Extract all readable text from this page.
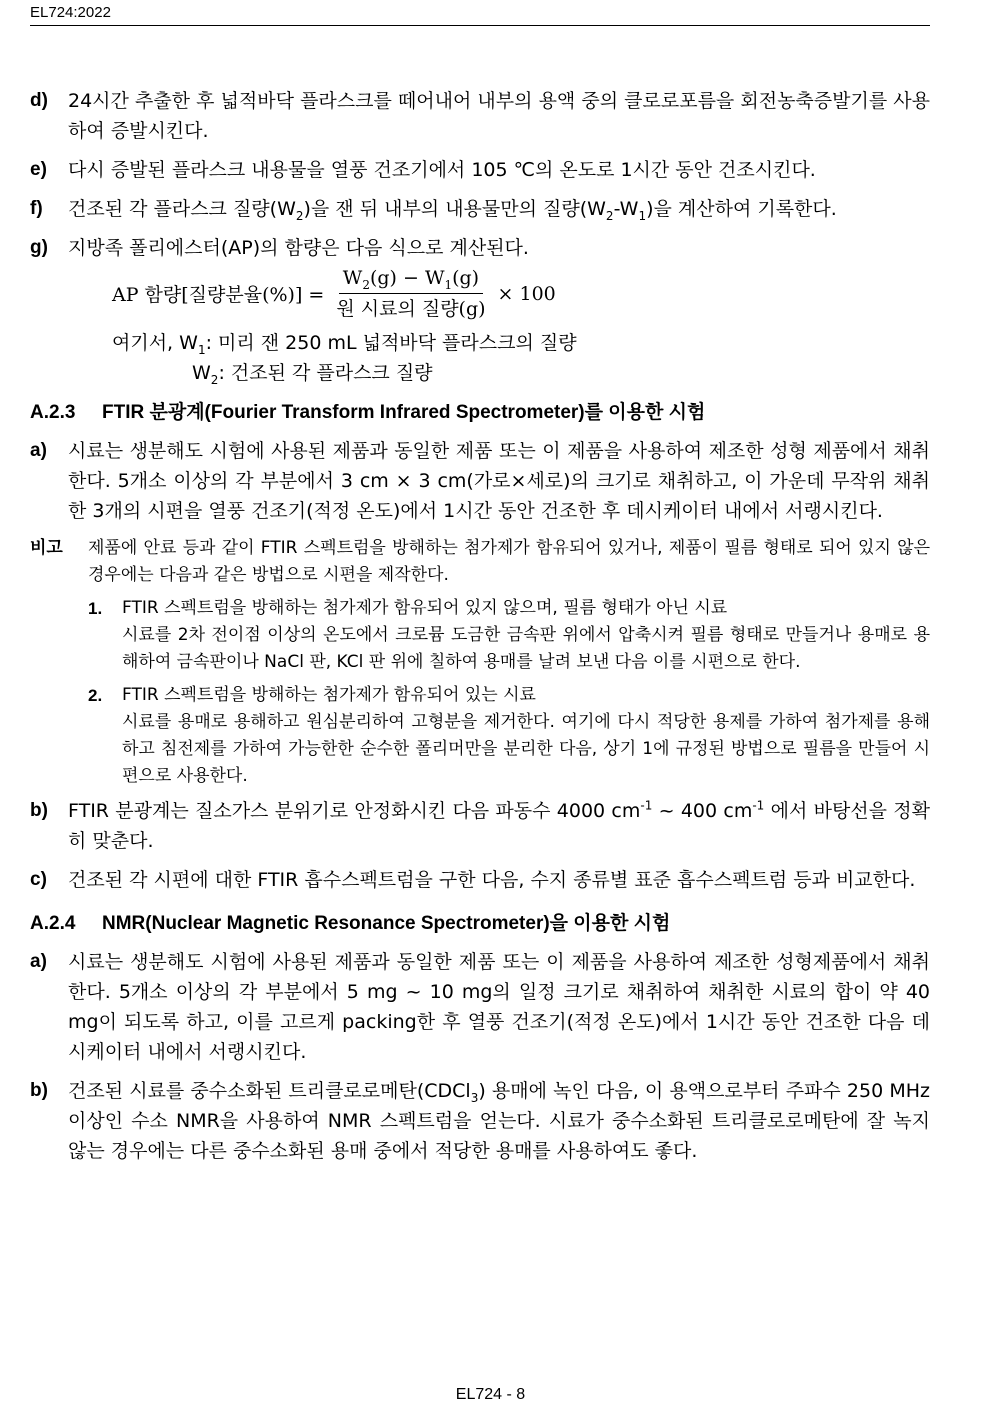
EL724:2022
d)	24시간 추출한 후 넓적바닥 플라스크를 떼어내어 내부의 용액 중의 클로로포름을 회전농축증발기를 사용하여 증발시킨다.
e)	다시 증발된 플라스크 내용물을 열풍 건조기에서 105 ℃의 온도로 1시간 동안 건조시킨다.
f)	건조된 각 플라스크 질량$(W_2)$을 잰 뒤 내부의 내용물만의 질량$(W_2-W_1)$을 계산하여 기록한다.
g)	지방족 폴리에스터(AP)의 함량은 다음 식으로 계산된다.
AP 함량[질량분율(%)] = $\frac{W_2(g) - W_1(g)}{\text{원 시료의 질량(g)}} \times 100$
여기서, $W_1$: 미리 잰 250 mL 넓적바닥 플라스크의 질량
$W_2$: 건조된 각 플라스크 질량
A.2.3 FTIR 분광계(Fourier Transform Infrared Spectrometer)를 이용한 시험
a)	시료는 생분해도 시험에 사용된 제품과 동일한 제품 또는 이 제품을 사용하여 제조한 성형 제품에서 채취한다. 5개소 이상의 각 부분에서 3 cm × 3 cm(가로×세로)의 크기로 채취하고, 이 가운데 무작위 채취한 3개의 시편을 열풍 건조기(적정 온도)에서 1시간 동안 건조한 후 데시케이터 내에서 서랭시킨다.
비고	제품에 안료 등과 같이 FTIR 스펙트럼을 방해하는 첨가제가 함유되어 있거나, 제품이 필름 형태로 되어 있지 않은 경우에는 다음과 같은 방법으로 시편을 제작한다.
1.	FTIR 스펙트럼을 방해하는 첨가제가 함유되어 있지 않으며, 필름 형태가 아닌 시료
시료를 2차 전이점 이상의 온도에서 크로뮴 도금한 금속판 위에서 압축시켜 필름 형태로 만들거나 용매로 용해하여 금속판이나 NaCl 판, KCl 판 위에 칠하여 용매를 날려 보낸 다음 이를 시편으로 한다.
2.	FTIR 스펙트럼을 방해하는 첨가제가 함유되어 있는 시료
시료를 용매로 용해하고 원심분리하여 고형분을 제거한다. 여기에 다시 적당한 용제를 가하여 첨가제를 용해하고 침전제를 가하여 가능한한 순수한 폴리머만을 분리한 다음, 상기 1에 규정된 방법으로 필름을 만들어 시편으로 사용한다.
b)	FTIR 분광계는 질소가스 분위기로 안정화시킨 다음 파동수 4000 $cm^{-1}$ ~ 400 $cm^{-1}$ 에서 바탕선을 정확히 맞춘다.
c)	건조된 각 시편에 대한 FTIR 흡수스펙트럼을 구한 다음, 수지 종류별 표준 흡수스펙트럼 등과 비교한다.
A.2.4 NMR(Nuclear Magnetic Resonance Spectrometer)을 이용한 시험
a)	시료는 생분해도 시험에 사용된 제품과 동일한 제품 또는 이 제품을 사용하여 제조한 성형제품에서 채취한다. 5개소 이상의 각 부분에서 5 mg ~ 10 mg의 일정 크기로 채취하여 채취한 시료의 합이 약 40 mg이 되도록 하고, 이를 고르게 packing한 후 열풍 건조기(적정 온도)에서 1시간 동안 건조한 다음 데시케이터 내에서 서랭시킨다.
b)	건조된 시료를 중수소화된 트리클로로메탄(CDCl$_3$) 용매에 녹인 다음, 이 용액으로부터 주파수 250 MHz 이상인 수소 NMR을 사용하여 NMR 스펙트럼을 얻는다. 시료가 중수소화된 트리클로로메탄에 잘 녹지 않는 경우에는 다른 중수소화된 용매 중에서 적당한 용매를 사용하여도 좋다.
EL724 - 8
